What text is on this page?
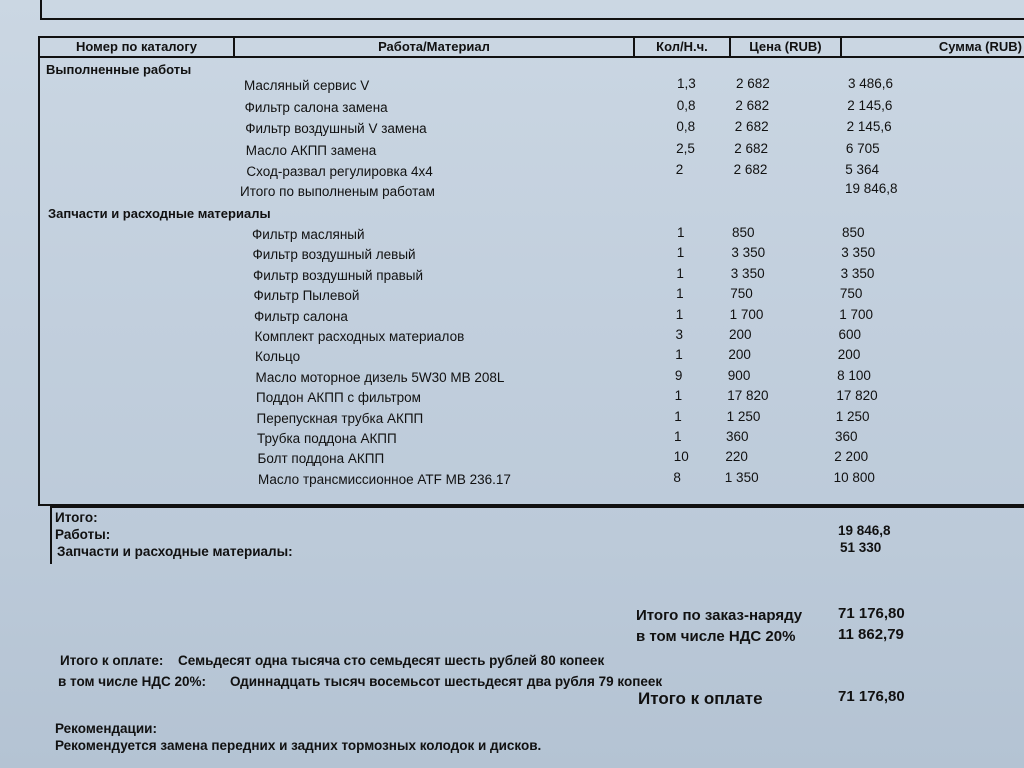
Номер по каталогу	Работа/Материал	Кол/Н.ч.	Цена (RUB)	Сумма (RUB)
Выполненные работы
Масляный сервис V	1,3	2 682	3 486,6
Фильтр салона замена	0,8	2 682	2 145,6
Фильтр воздушный V замена	0,8	2 682	2 145,6
Масло АКПП замена	2,5	2 682	6 705
Сход-развал регулировка 4х4	2	2 682	5 364
Итого по выполненым работам	19 846,8
Запчасти и расходные материалы
Фильтр масляный	1	850	850
Фильтр воздушный левый	1	3 350	3 350
Фильтр воздушный правый	1	3 350	3 350
Фильтр Пылевой	1	750	750
Фильтр салона	1	1 700	1 700
Комплект расходных материалов	3	200	600
Кольцо	1	200	200
Масло моторное дизель 5W30 MB 208L	9	900	8 100
Поддон АКПП с фильтром	1	17 820	17 820
Перепускная трубка АКПП	1	1 250	1 250
Трубка поддона АКПП	1	360	360
Болт поддона АКПП	10	220	2 200
Масло трансмиссионное ATF MB 236.17	8	1 350	10 800
Итого:
Работы:	19 846,8
Запчасти и расходные материалы:	51 330
Итого по заказ-наряду 71 176,80
в том числе НДС 20%	11 862,79
Итого к оплате: Семьдесят одна тысяча сто семьдесят шесть рублей 80 копеек
в том числе НДС 20%: Одиннадцать тысяч восемьсот шестьдесят два рубля 79 копеек
Итого к оплате	71 176,80
Рекомендации:
Рекомендуется замена передних и задних тормозных колодок и дисков.
